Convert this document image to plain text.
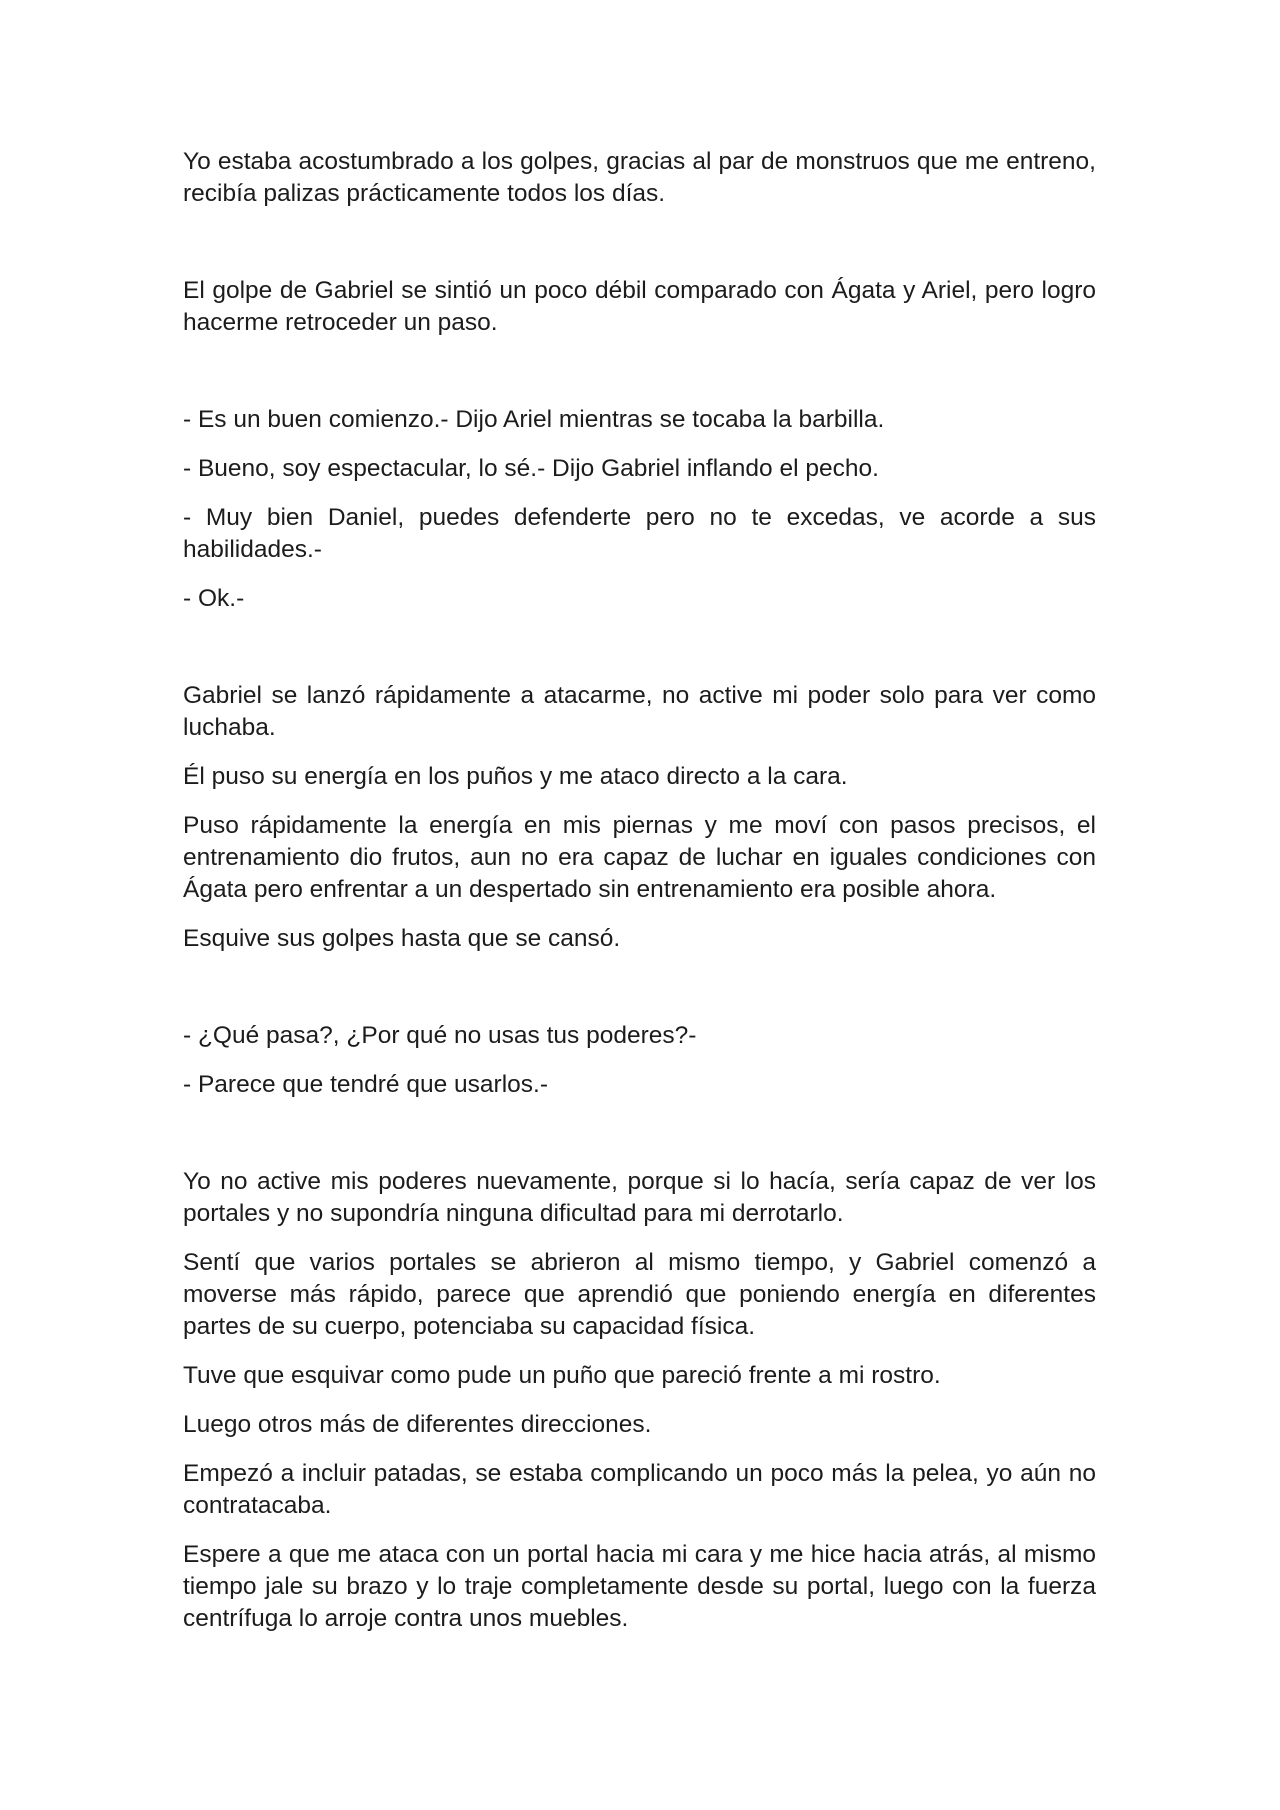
Yo estaba acostumbrado a los golpes, gracias al par de monstruos que me entreno, recibía palizas prácticamente todos los días.

El golpe de Gabriel se sintió un poco débil comparado con Ágata y Ariel, pero logro hacerme retroceder un paso.

- Es un buen comienzo.- Dijo Ariel mientras se tocaba la barbilla.

- Bueno, soy espectacular, lo sé.- Dijo Gabriel inflando el pecho.

- Muy bien Daniel, puedes defenderte pero no te excedas, ve acorde a sus habilidades.-

- Ok.-

Gabriel se lanzó rápidamente a atacarme, no active mi poder solo para ver como luchaba.

Él puso su energía en los puños y me ataco directo a la cara.

Puso rápidamente la energía en mis piernas y me moví con pasos precisos, el entrenamiento dio frutos, aun no era capaz de luchar en iguales condiciones con Ágata pero enfrentar a un despertado sin entrenamiento era posible ahora.

Esquive sus golpes hasta que se cansó.

- ¿Qué pasa?, ¿Por qué no usas tus poderes?-

- Parece que tendré que usarlos.-

Yo no active mis poderes nuevamente, porque si lo hacía, sería capaz de ver los portales y no supondría ninguna dificultad para mi derrotarlo.

Sentí que varios portales se abrieron al mismo tiempo, y Gabriel comenzó a moverse más rápido, parece que aprendió que poniendo energía en diferentes partes de su cuerpo, potenciaba su capacidad física.

Tuve que esquivar como pude un puño que pareció frente a mi rostro.

Luego otros más de diferentes direcciones.

Empezó a incluir patadas, se estaba complicando un poco más la pelea, yo aún no contratacaba.

Espere a que me ataca con un portal hacia mi cara y me hice hacia atrás, al mismo tiempo jale su brazo y lo traje completamente desde su portal, luego con la fuerza centrífuga lo arroje contra unos muebles.
